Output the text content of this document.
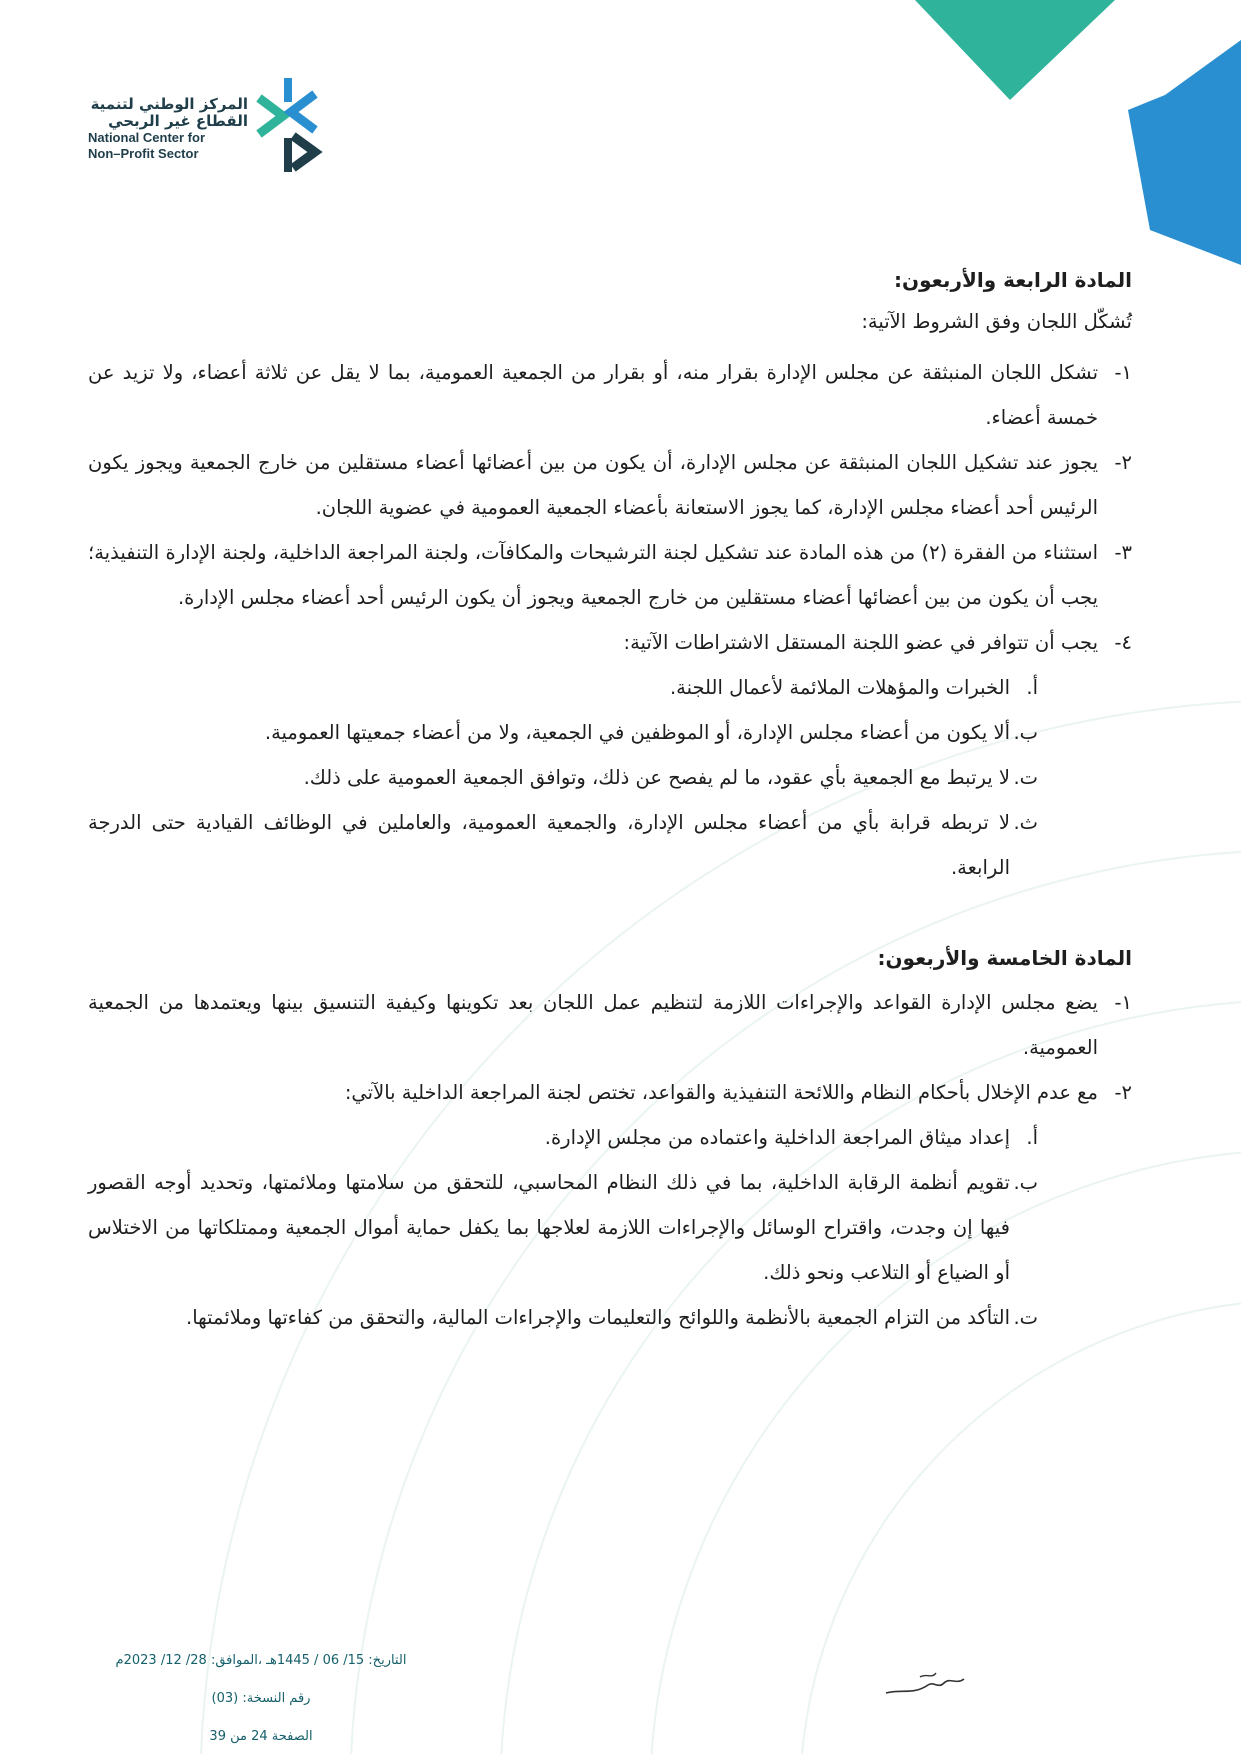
المركز الوطني لتنمية
القطاع غير الربحي
National Center for
Non–Profit Sector
المادة الرابعة والأربعون:
تُشكّل اللجان وفق الشروط الآتية:
١-
تشكل اللجان المنبثقة عن مجلس الإدارة بقرار منه، أو بقرار من الجمعية العمومية، بما لا يقل عن ثلاثة أعضاء، ولا تزيد عن خمسة أعضاء.
٢-
يجوز عند تشكيل اللجان المنبثقة عن مجلس الإدارة، أن يكون من بين أعضائها أعضاء مستقلين من خارج الجمعية ويجوز يكون الرئيس أحد أعضاء مجلس الإدارة، كما يجوز الاستعانة بأعضاء الجمعية العمومية في عضوية اللجان.
٣-
استثناء من الفقرة (٢) من هذه المادة عند تشكيل لجنة الترشيحات والمكافآت، ولجنة المراجعة الداخلية، ولجنة الإدارة التنفيذية؛ يجب أن يكون من بين أعضائها أعضاء مستقلين من خارج الجمعية ويجوز أن يكون الرئيس أحد أعضاء مجلس الإدارة.
٤-
يجب أن تتوافر في عضو اللجنة المستقل الاشتراطات الآتية:
أ.
الخبرات والمؤهلات الملائمة لأعمال اللجنة.
ب.
ألا يكون من أعضاء مجلس الإدارة، أو الموظفين في الجمعية، ولا من أعضاء جمعيتها العمومية.
ت.
لا يرتبط مع الجمعية بأي عقود، ما لم يفصح عن ذلك، وتوافق الجمعية العمومية على ذلك.
ث.
لا تربطه قرابة بأي من أعضاء مجلس الإدارة، والجمعية العمومية، والعاملين في الوظائف القيادية حتى الدرجة الرابعة.
المادة الخامسة والأربعون:
١-
يضع مجلس الإدارة القواعد والإجراءات اللازمة لتنظيم عمل اللجان بعد تكوينها وكيفية التنسيق بينها ويعتمدها من الجمعية العمومية.
٢-
مع عدم الإخلال بأحكام النظام واللائحة التنفيذية والقواعد، تختص لجنة المراجعة الداخلية بالآتي:
أ.
إعداد ميثاق المراجعة الداخلية واعتماده من مجلس الإدارة.
ب.
تقويم أنظمة الرقابة الداخلية، بما في ذلك النظام المحاسبي، للتحقق من سلامتها وملائمتها، وتحديد أوجه القصور فيها إن وجدت، واقتراح الوسائل والإجراءات اللازمة لعلاجها بما يكفل حماية أموال الجمعية وممتلكاتها من الاختلاس أو الضياع أو التلاعب ونحو ذلك.
ت.
التأكد من التزام الجمعية بالأنظمة واللوائح والتعليمات والإجراءات المالية، والتحقق من كفاءتها وملائمتها.
التاريخ: 15/ 06 / 1445هـ ،الموافق: 28/ 12/ 2023م
رقم النسخة: (03)
الصفحة 24 من 39
